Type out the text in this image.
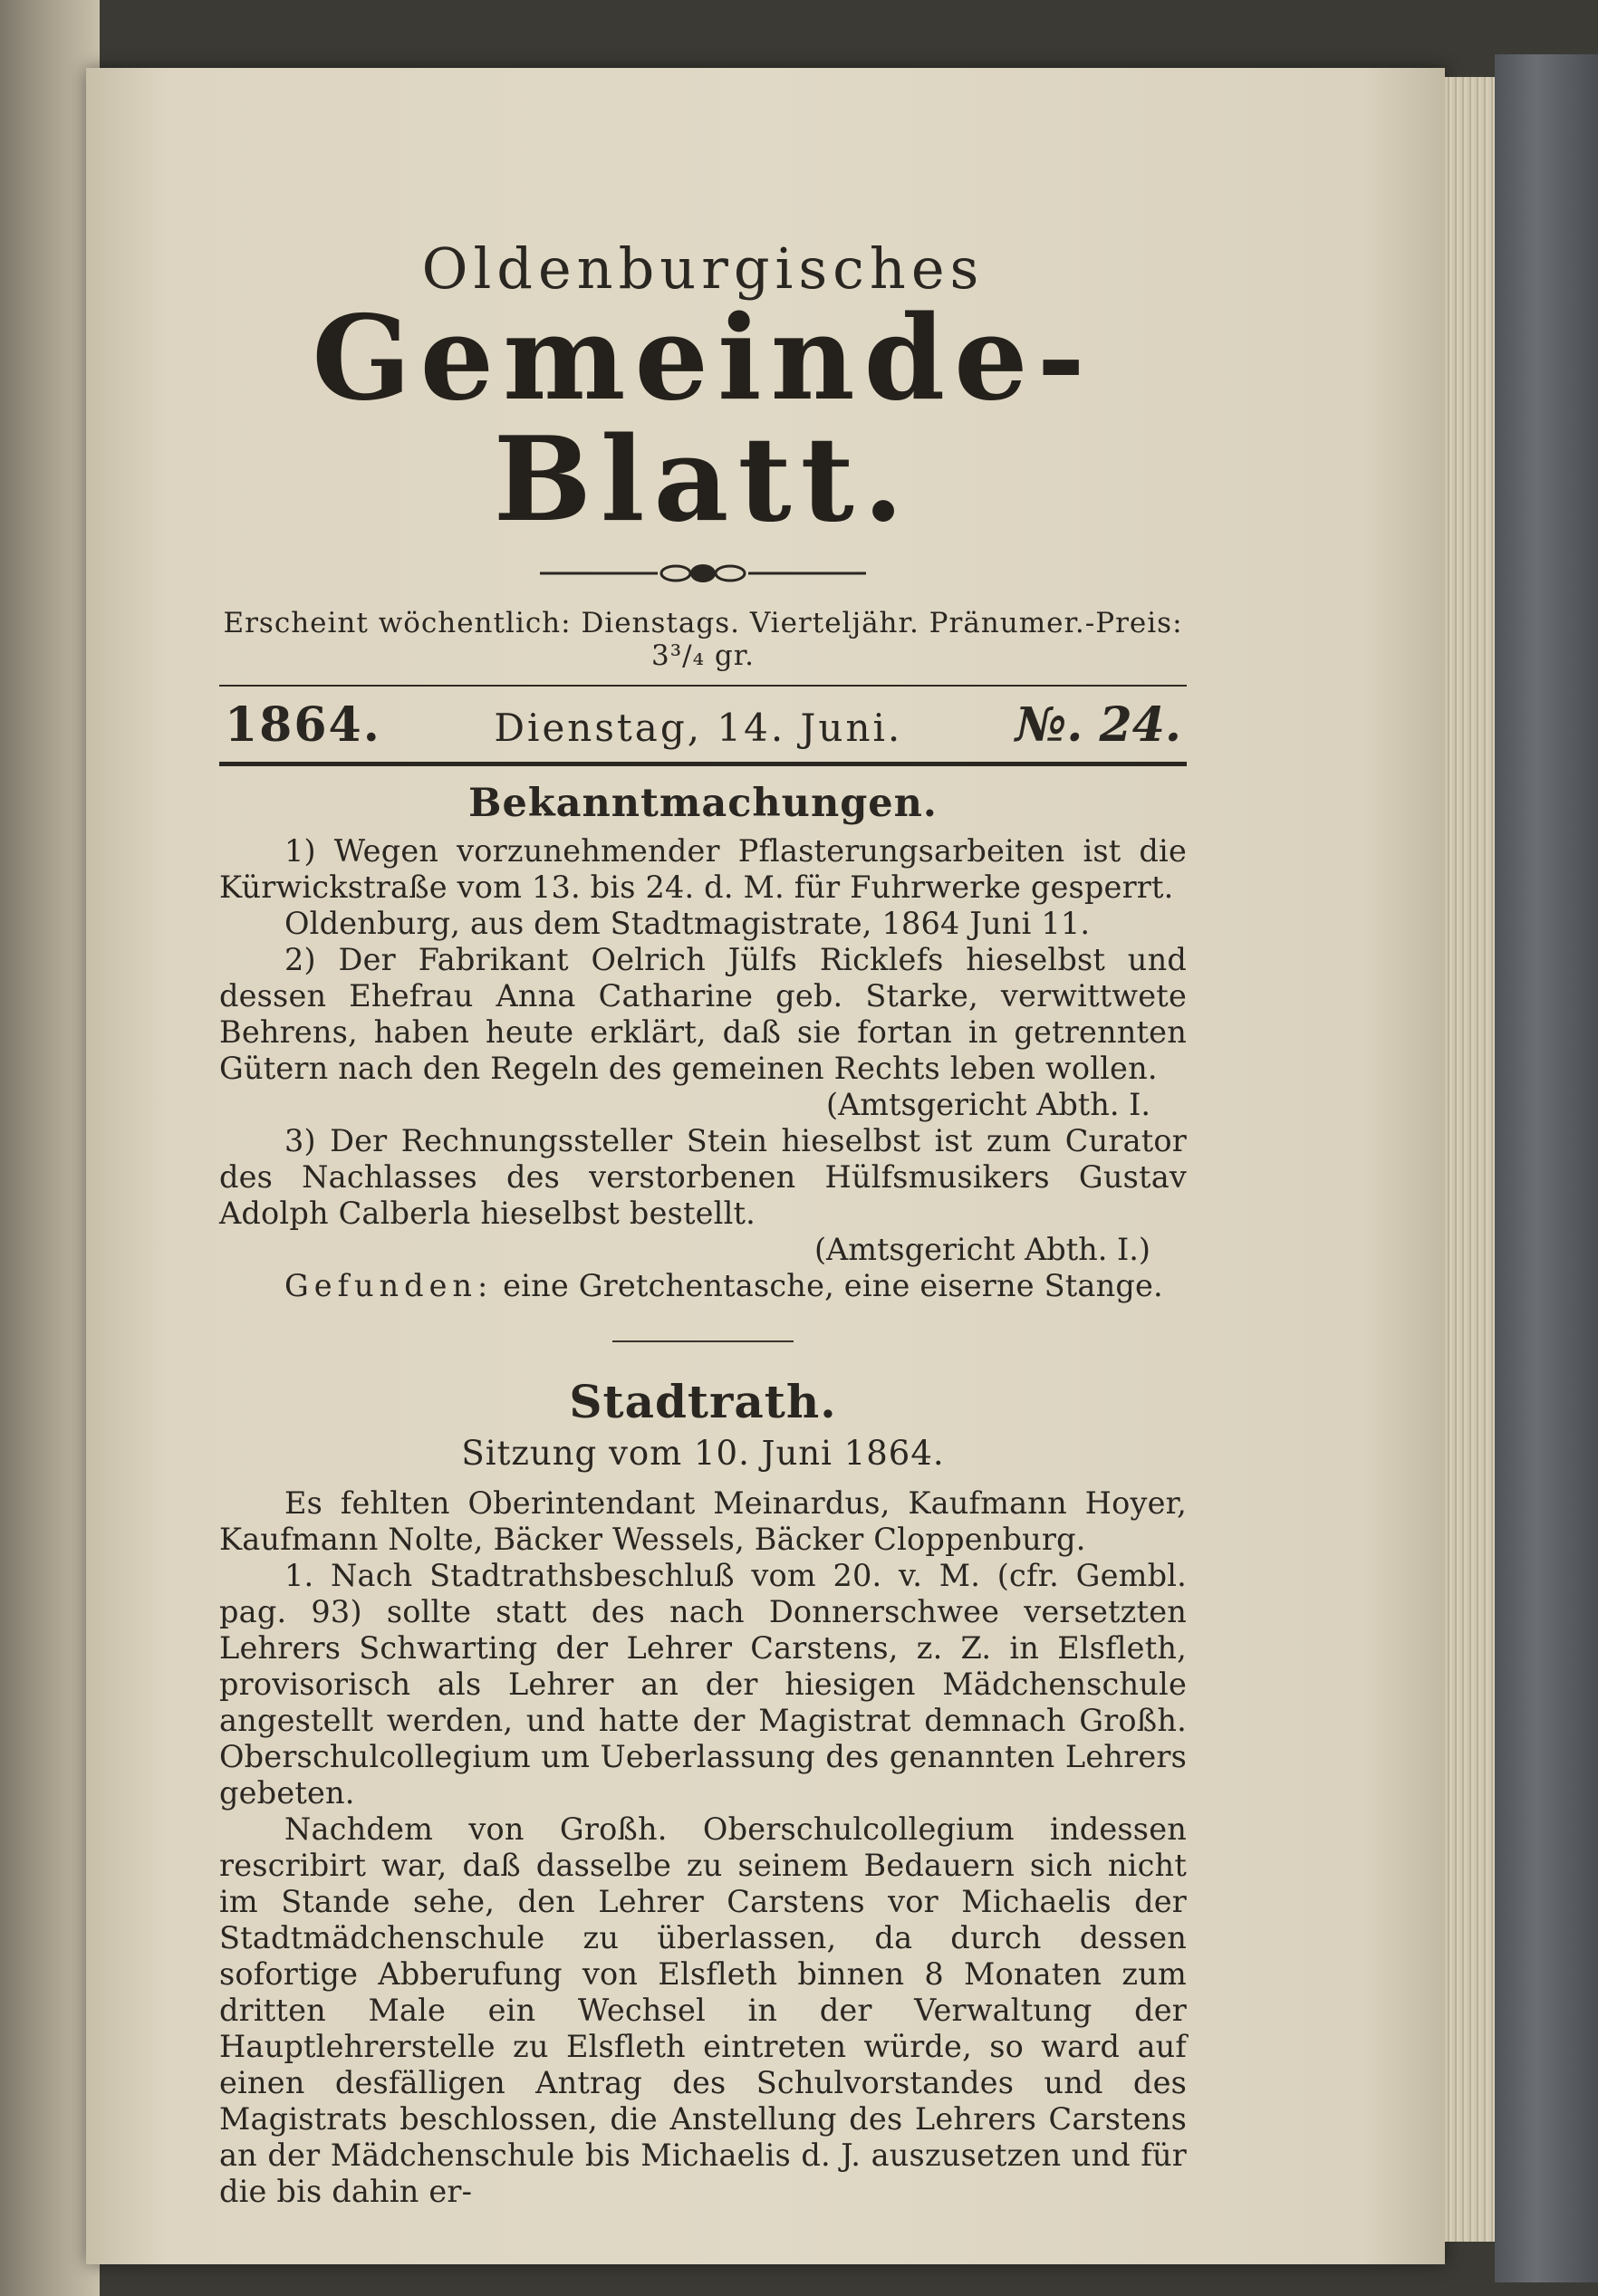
Oldenburgisches

Gemeinde-Blatt.

Erscheint wöchentlich: Dienstags. Vierteljähr. Pränumer.-Preis: 3³/₄ gr.

1864.	Dienstag, 14. Juni. №. 24.
Bekanntmachungen.

1) Wegen vorzunehmender Pflasterungsarbeiten ist die Kürwickstraße vom 13. bis 24. d. M. für Fuhrwerke gesperrt.

Oldenburg, aus dem Stadtmagistrate, 1864 Juni 11.

2) Der Fabrikant Oelrich Jülfs Ricklefs hieselbst und dessen Ehefrau Anna Catharine geb. Starke, verwittwete Behrens, haben heute erklärt, daß sie fortan in getrennten Gütern nach den Regeln des gemeinen Rechts leben wollen.

(Amtsgericht Abth. I.

3) Der Rechnungssteller Stein hieselbst ist zum Curator des Nachlasses des verstorbenen Hülfsmusikers Gustav Adolph Calberla hieselbst bestellt.

(Amtsgericht Abth. I.)

Gefunden: eine Gretchentasche, eine eiserne Stange.

Stadtrath.
Sitzung vom 10. Juni 1864.

Es fehlten Oberintendant Meinardus, Kaufmann Hoyer, Kaufmann Nolte, Bäcker Wessels, Bäcker Cloppenburg.

1. Nach Stadtrathsbeschluß vom 20. v. M. (cfr. Gembl. pag. 93) sollte statt des nach Donnerschwee versetzten Lehrers Schwarting der Lehrer Carstens, z. Z. in Elsfleth, provisorisch als Lehrer an der hiesigen Mädchenschule angestellt werden, und hatte der Magistrat demnach Großh. Oberschulcollegium um Ueberlassung des genannten Lehrers gebeten.

Nachdem von Großh. Oberschulcollegium indessen rescribirt war, daß dasselbe zu seinem Bedauern sich nicht im Stande sehe, den Lehrer Carstens vor Michaelis der Stadtmädchenschule zu überlassen, da durch dessen sofortige Abberufung von Elsfleth binnen 8 Monaten zum dritten Male ein Wechsel in der Verwaltung der Hauptlehrerstelle zu Elsfleth eintreten würde, so ward auf einen desfälligen Antrag des Schulvorstandes und des Magistrats beschlossen, die Anstellung des Lehrers Carstens an der Mädchenschule bis Michaelis d. J. auszusetzen und für die bis dahin er-
